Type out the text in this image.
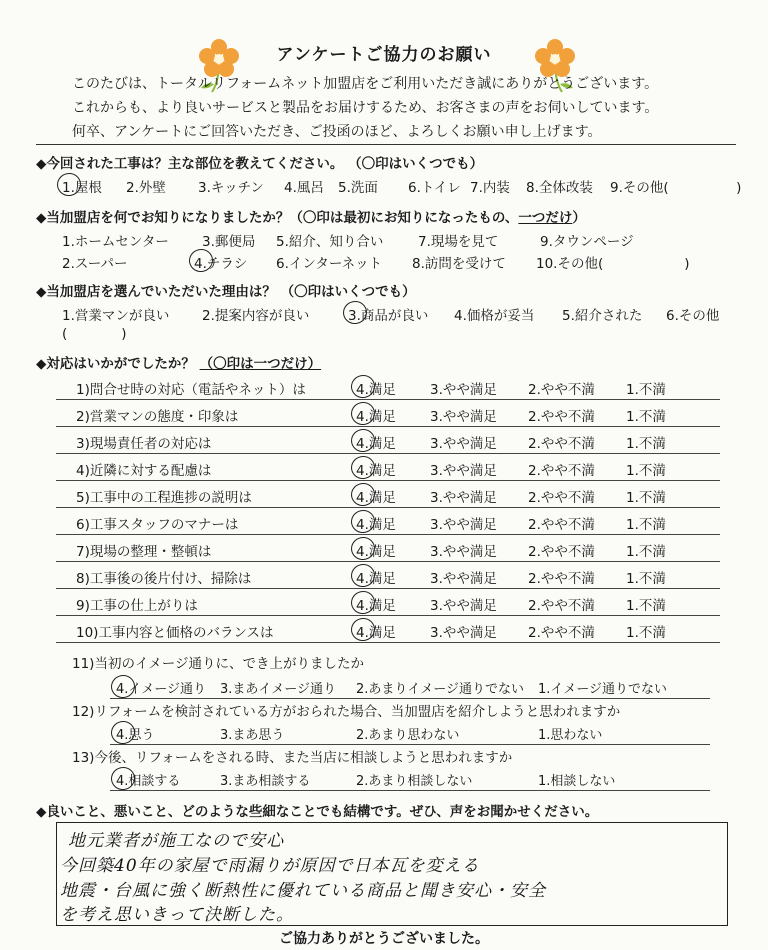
アンケートご協力のお願い
このたびは、トータルリフォームネット加盟店をご利用いただき誠にありがとうございます。
これからも、より良いサービスと製品をお届けするため、お客さまの声をお伺いしています。
何卒、アンケートにご回答いただき、ご投函のほど、よろしくお願い申し上げます。
◆今回された工事は？主な部位を教えてください。 （〇印はいくつでも）
1.屋根 2.外壁 3.キッチン 4.風呂 5.洗面 6.トイレ 7.内装 8.全体改装 9.その他(　　　　　)
◆当加盟店を何でお知りになりましたか？（〇印は最初にお知りになったもの、一つだけ）
1.ホームセンター 3.郵便局 5.紹介、知り合い	7.現場を見て	9.タウンページ
2.スーパー	4.チラシ 6.インターネット 8.訪問を受けて 10.その他(　　　　　　)
◆当加盟店を選んでいただいた理由は？ （〇印はいくつでも）
1.営業マンが良い 2.提案内容が良い	3.商品が良い 4.価格が妥当 5.紹介された 6.その他
(　　　　)
◆対応はいかがでしたか？ （〇印は一つだけ）
1)問合せ時の対応（電話やネット）は	4.満足	3.やや満足 2.やや不満 1.不満
2)営業マンの態度・印象は	4.満足	3.やや満足 2.やや不満 1.不満
3)現場責任者の対応は	4.満足	3.やや満足 2.やや不満 1.不満
4)近隣に対する配慮は	4.満足	3.やや満足 2.やや不満 1.不満
5)工事中の工程進捗の説明は	4.満足	3.やや満足 2.やや不満 1.不満
6)工事スタッフのマナーは	4.満足	3.やや満足 2.やや不満 1.不満
7)現場の整理・整頓は	4.満足	3.やや満足 2.やや不満 1.不満
8)工事後の後片付け、掃除は	4.満足	3.やや満足 2.やや不満 1.不満
9)工事の仕上がりは	4.満足	3.やや満足 2.やや不満 1.不満
10)工事内容と価格のバランスは	4.満足	3.やや満足 2.やや不満 1.不満
11)当初のイメージ通りに、でき上がりましたか
4.イメージ通り 3.まあイメージ通り 2.あまりイメージ通りでない 1.イメージ通りでない
12)リフォームを検討されている方がおられた場合、当加盟店を紹介しようと思われますか
4.思う	3.まあ思う	2.あまり思わない	1.思わない
13)今後、リフォームをされる時、また当店に相談しようと思われますか
4.相談する	3.まあ相談する	2.あまり相談しない	1.相談しない
◆良いこと、悪いこと、どのような些細なことでも結構です。ぜひ、声をお聞かせください。
地元業者が施工なので安心
今回築40年の家屋で雨漏りが原因で日本瓦を変える
地震・台風に強く断熱性に優れている商品と聞き安心・安全
を考え思いきって決断した。
ご協力ありがとうございました。
